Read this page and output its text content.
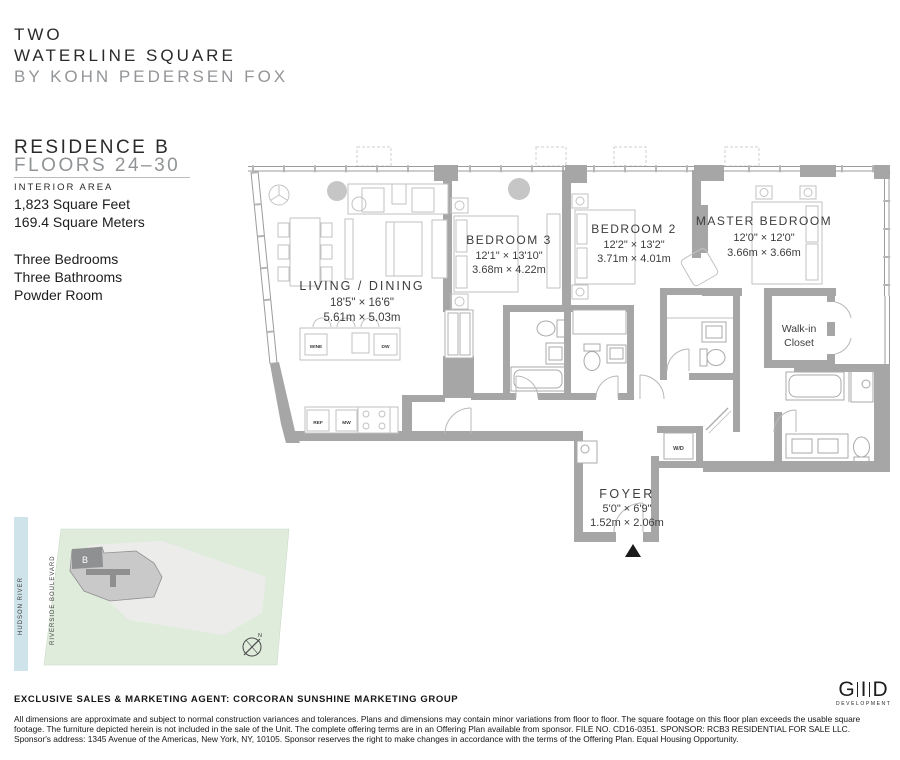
TWO
WATERLINE SQUARE
BY KOHN PEDERSEN FOX
RESIDENCE B
FLOORS 24–30
INTERIOR AREA
1,823 Square Feet
169.4 Square Meters
Three Bedrooms
Three Bathrooms
Powder Room
LIVING / DINING
18'5" × 16'6"
5.61m × 5.03m
BEDROOM 3
12'1" × 13'10"
3.68m × 4.22m
BEDROOM 2
12'2" × 13'2"
3.71m × 4.01m
MASTER BEDROOM
12'0" × 12'0"
3.66m × 3.66m
Walk-in
Closet
FOYER
5'0" × 6'9"
1.52m × 2.06m
W/D
WINE	DW
REF	MW
B
HUDSON RIVER	RIVERSIDE BOULEVARD	N
EXCLUSIVE SALES & MARKETING AGENT: CORCORAN SUNSHINE MARKETING GROUP
All dimensions are approximate and subject to normal construction variances and tolerances. Plans and dimensions may contain minor variations from floor to floor. The square footage on this floor plan exceeds the usable square footage. The furniture depicted herein is not included in the sale of the Unit. The complete offering terms are in an Offering Plan available from sponsor. FILE NO. CD16-0351. SPONSOR: RCB3 RESIDENTIAL FOR SALE LLC. Sponsor's address: 1345 Avenue of the Americas, New York, NY, 10105. Sponsor reserves the right to make changes in accordance with the terms of the Offering Plan. Equal Housing Opportunity.
G I D
DEVELOPMENT
